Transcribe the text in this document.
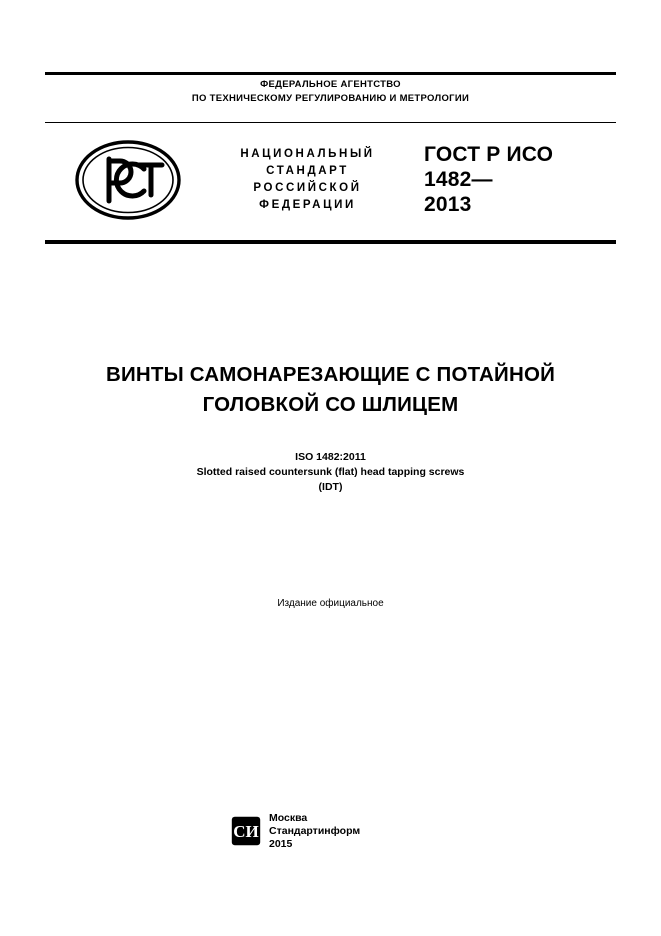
ФЕДЕРАЛЬНОЕ АГЕНТСТВО
ПО ТЕХНИЧЕСКОМУ РЕГУЛИРОВАНИЮ И МЕТРОЛОГИИ
НАЦИОНАЛЬНЫЙ
СТАНДАРТ
РОССИЙСКОЙ
ФЕДЕРАЦИИ
ГОСТ Р ИСО
1482—
2013
ВИНТЫ САМОНАРЕЗАЮЩИЕ С ПОТАЙНОЙ
ГОЛОВКОЙ СО ШЛИЦЕМ
ISO 1482:2011
Slotted raised countersunk (flat) head tapping screws
(IDT)
Издание официальное
СИ
Москва
Стандартинформ
2015
